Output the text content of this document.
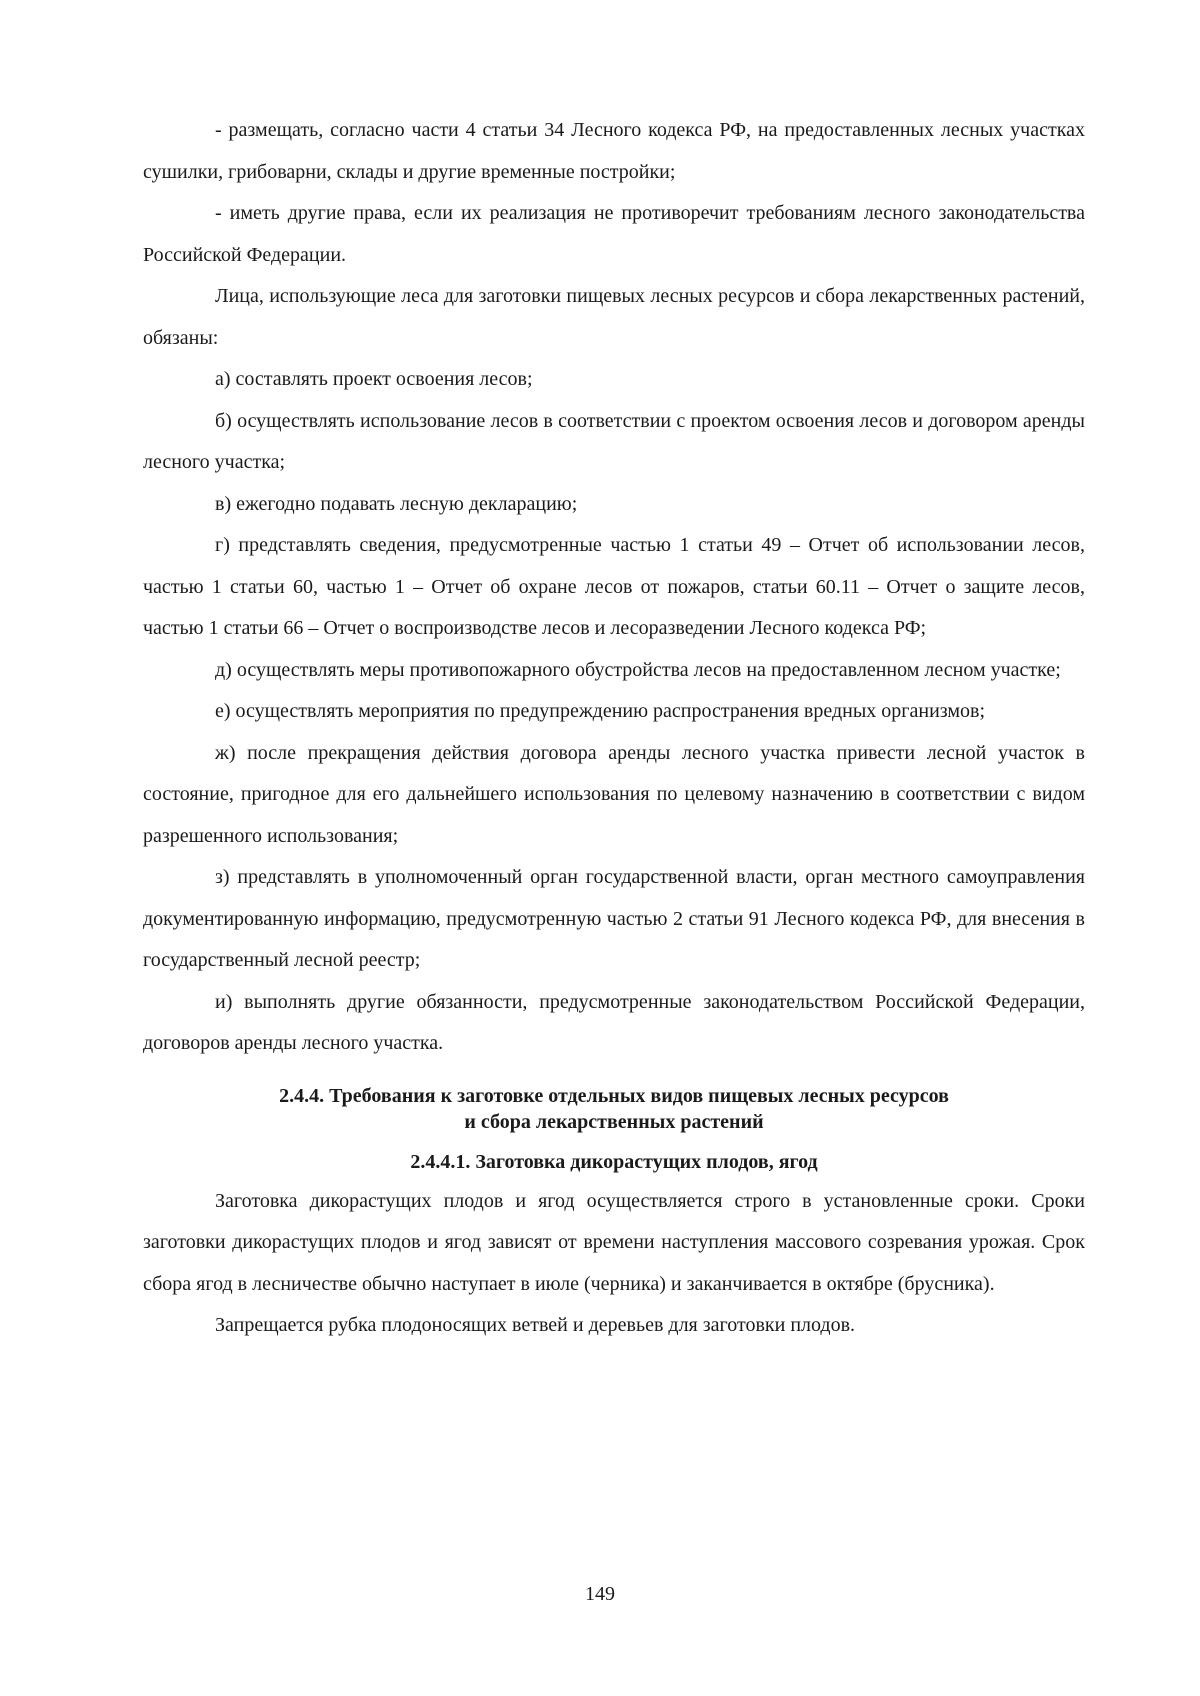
- размещать, согласно части 4 статьи 34 Лесного кодекса РФ, на предоставленных лесных участках сушилки, грибоварни, склады и другие временные постройки;

- иметь другие права, если их реализация не противоречит требованиям лесного законодательства Российской Федерации.

Лица, использующие леса для заготовки пищевых лесных ресурсов и сбора лекарственных растений, обязаны:

а) составлять проект освоения лесов;

б) осуществлять использование лесов в соответствии с проектом освоения лесов и договором аренды лесного участка;

в) ежегодно подавать лесную декларацию;

г) представлять сведения, предусмотренные частью 1 статьи 49 – Отчет об использовании лесов, частью 1 статьи 60, частью 1 – Отчет об охране лесов от пожаров, статьи 60.11 – Отчет о защите лесов, частью 1 статьи 66 – Отчет о воспроизводстве лесов и лесоразведении Лесного кодекса РФ;

д) осуществлять меры противопожарного обустройства лесов на предоставленном лесном участке;

е) осуществлять мероприятия по предупреждению распространения вредных организмов;

ж) после прекращения действия договора аренды лесного участка привести лесной участок в состояние, пригодное для его дальнейшего использования по целевому назначению в соответствии с видом разрешенного использования;

з) представлять в уполномоченный орган государственной власти, орган местного самоуправления документированную информацию, предусмотренную частью 2 статьи 91 Лесного кодекса РФ, для внесения в государственный лесной реестр;

и) выполнять другие обязанности, предусмотренные законодательством Российской Федерации, договоров аренды лесного участка.

2.4.4. Требования к заготовке отдельных видов пищевых лесных ресурсов
и сбора лекарственных растений
2.4.4.1. Заготовка дикорастущих плодов, ягод

Заготовка дикорастущих плодов и ягод осуществляется строго в установленные сроки. Сроки заготовки дикорастущих плодов и ягод зависят от времени наступления массового созревания урожая. Срок сбора ягод в лесничестве обычно наступает в июле (черника) и заканчивается в октябре (брусника).

Запрещается рубка плодоносящих ветвей и деревьев для заготовки плодов.

149
